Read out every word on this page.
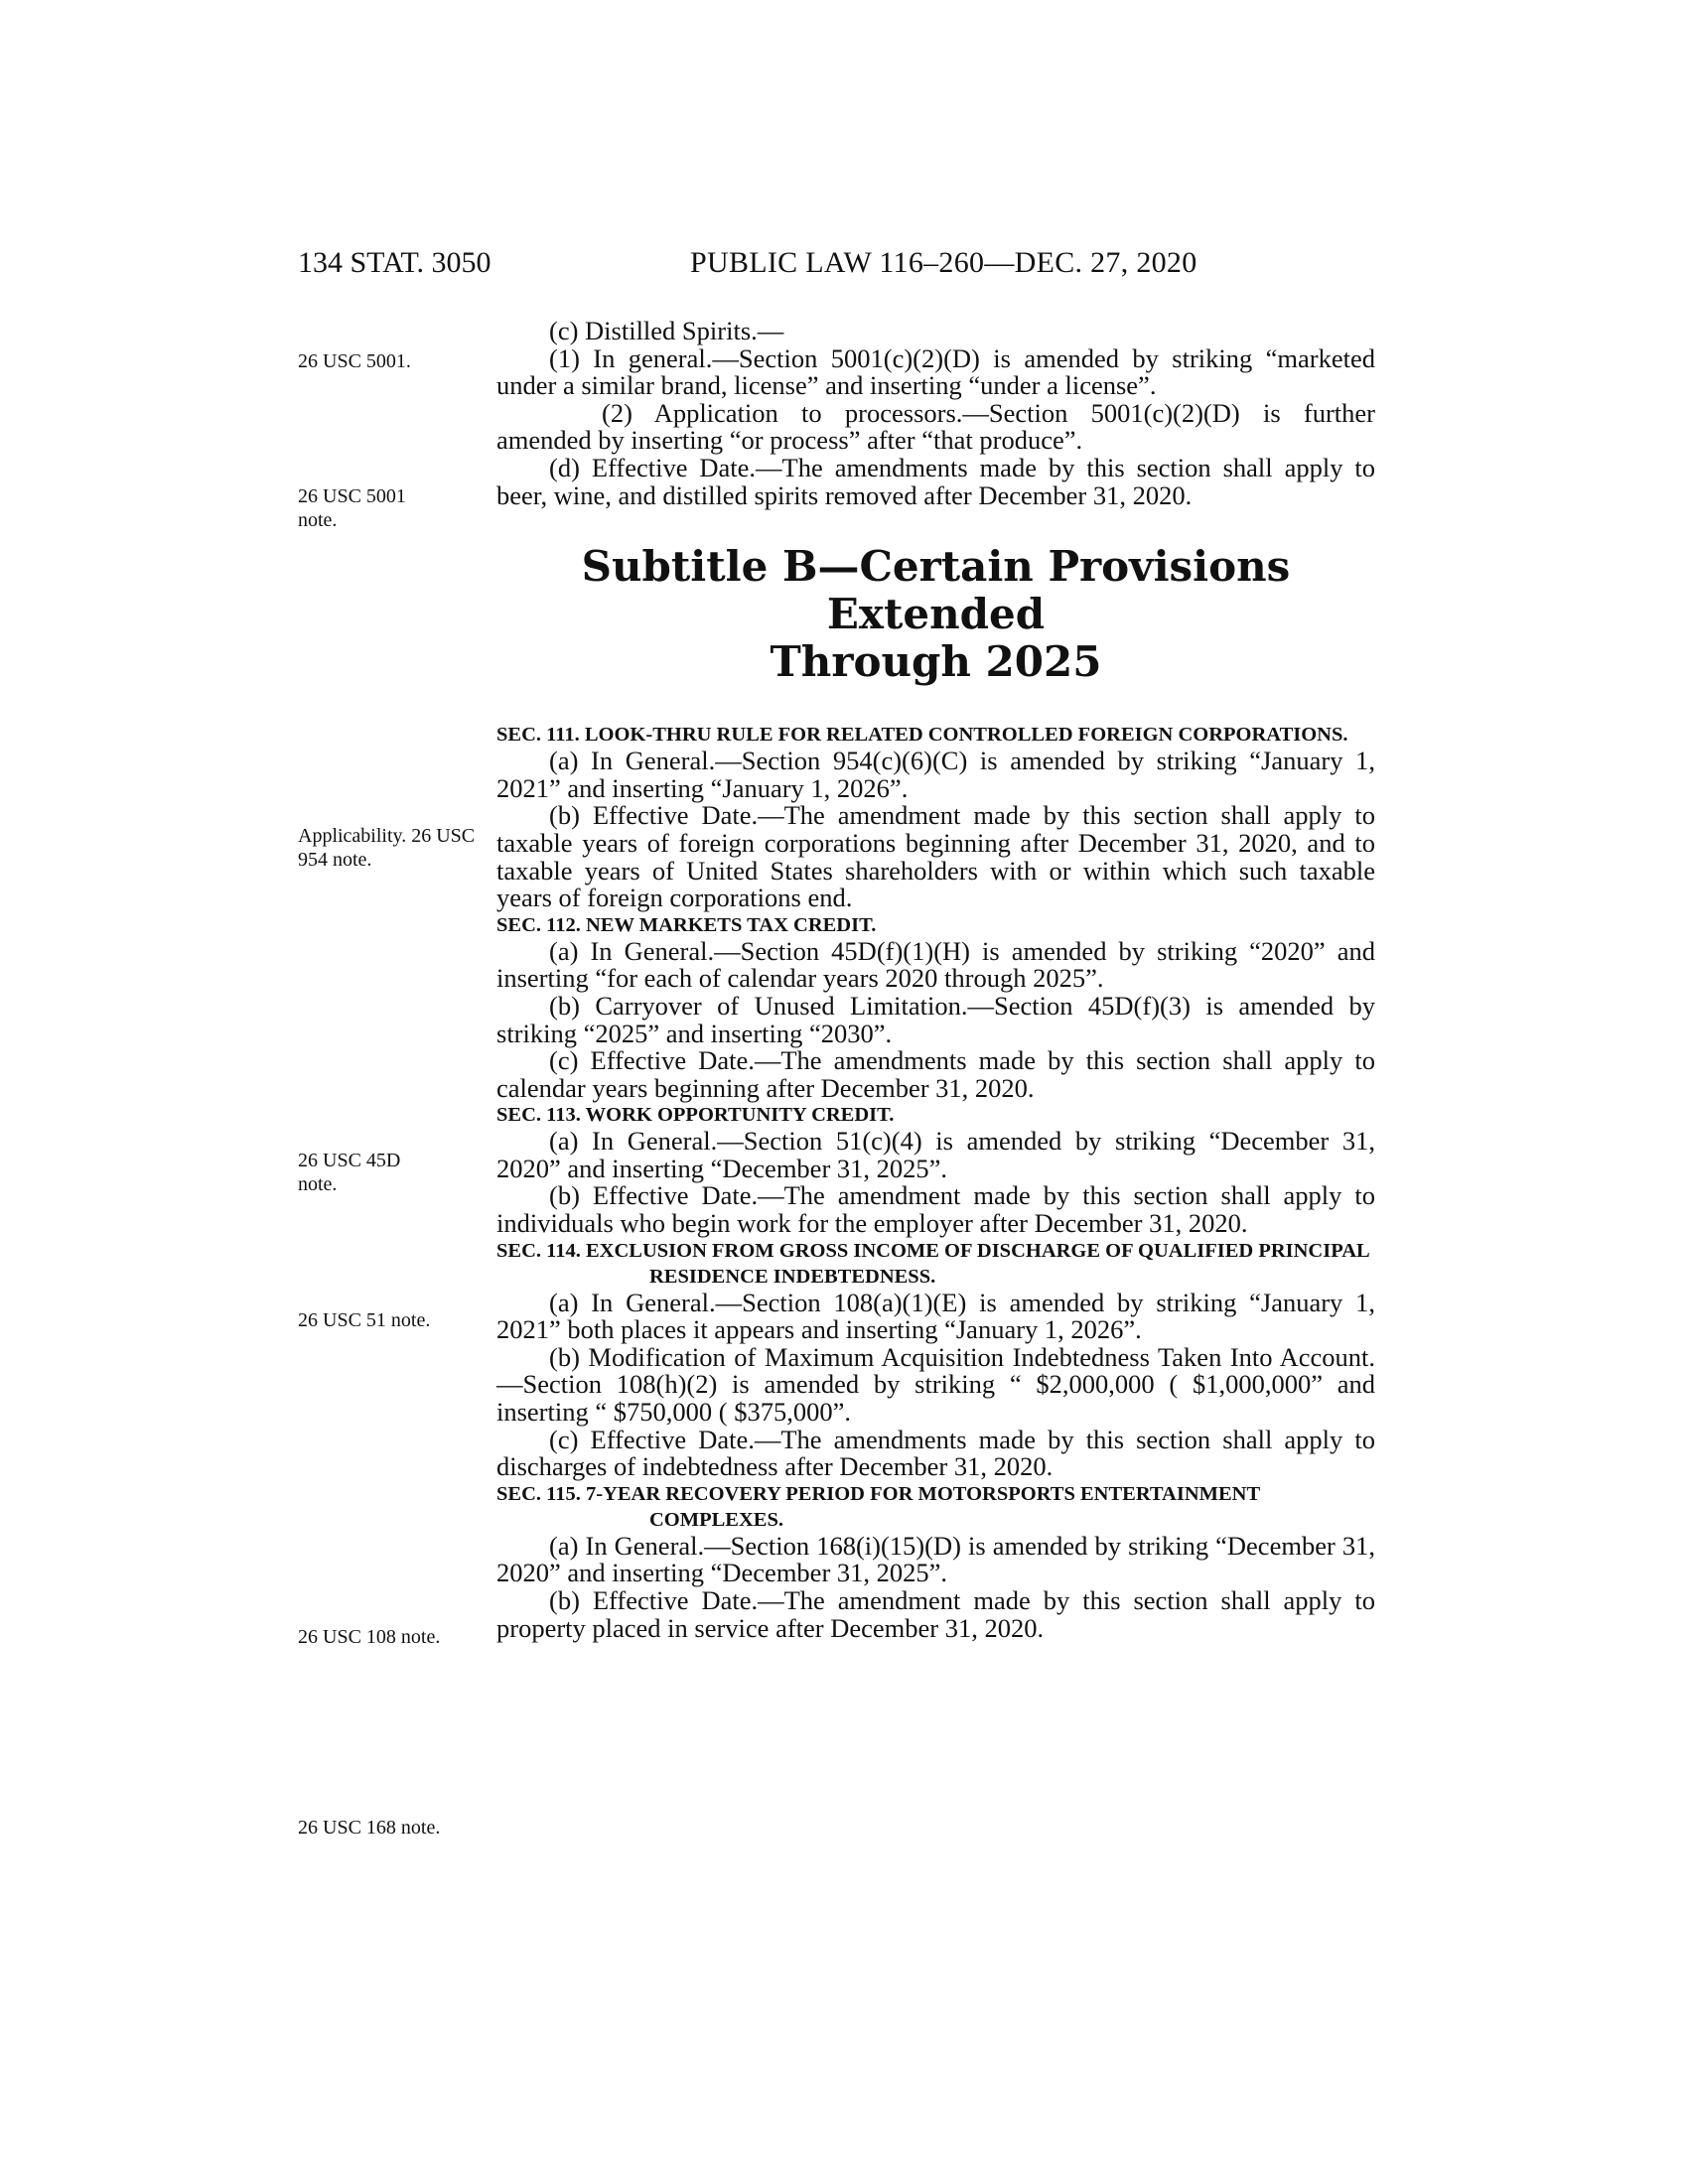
134 STAT. 3050	PUBLIC LAW 116–260—DEC. 27, 2020
26 USC 5001.
26 USC 5001 note.
Applicability. 26 USC 954 note.
26 USC 45D note.
26 USC 51 note.
26 USC 108 note.
26 USC 168 note.

(c) Distilled Spirits.—

(1) In general.—Section 5001(c)(2)(D) is amended by striking “marketed under a similar brand, license” and inserting “under a license”.

(2) Application to processors.—Section 5001(c)(2)(D) is further amended by inserting “or process” after “that produce”.

(d) Effective Date.—The amendments made by this section shall apply to beer, wine, and distilled spirits removed after December 31, 2020.

Subtitle B—Certain Provisions Extended
Through 2025

SEC. 111. LOOK-THRU RULE FOR RELATED CONTROLLED FOREIGN CORPORATIONS.

(a) In General.—Section 954(c)(6)(C) is amended by striking “January 1, 2021” and inserting “January 1, 2026”.

(b) Effective Date.—The amendment made by this section shall apply to taxable years of foreign corporations beginning after December 31, 2020, and to taxable years of United States shareholders with or within which such taxable years of foreign corporations end.

SEC. 112. NEW MARKETS TAX CREDIT.

(a) In General.—Section 45D(f)(1)(H) is amended by striking “2020” and inserting “for each of calendar years 2020 through 2025”.

(b) Carryover of Unused Limitation.—Section 45D(f)(3) is amended by striking “2025” and inserting “2030”.

(c) Effective Date.—The amendments made by this section shall apply to calendar years beginning after December 31, 2020.

SEC. 113. WORK OPPORTUNITY CREDIT.

(a) In General.—Section 51(c)(4) is amended by striking “December 31, 2020” and inserting “December 31, 2025”.

(b) Effective Date.—The amendment made by this section shall apply to individuals who begin work for the employer after December 31, 2020.

SEC. 114. EXCLUSION FROM GROSS INCOME OF DISCHARGE OF QUALIFIED PRINCIPAL RESIDENCE INDEBTEDNESS.

(a) In General.—Section 108(a)(1)(E) is amended by striking “January 1, 2021” both places it appears and inserting “January 1, 2026”.

(b) Modification of Maximum Acquisition Indebtedness Taken Into Account.—Section 108(h)(2) is amended by striking “ $2,000,000 ( $1,000,000” and inserting “ $750,000 ( $375,000”.

(c) Effective Date.—The amendments made by this section shall apply to discharges of indebtedness after December 31, 2020.

SEC. 115. 7-YEAR RECOVERY PERIOD FOR MOTORSPORTS ENTERTAINMENT COMPLEXES.

(a) In General.—Section 168(i)(15)(D) is amended by striking “December 31, 2020” and inserting “December 31, 2025”.

(b) Effective Date.—The amendment made by this section shall apply to property placed in service after December 31, 2020.
